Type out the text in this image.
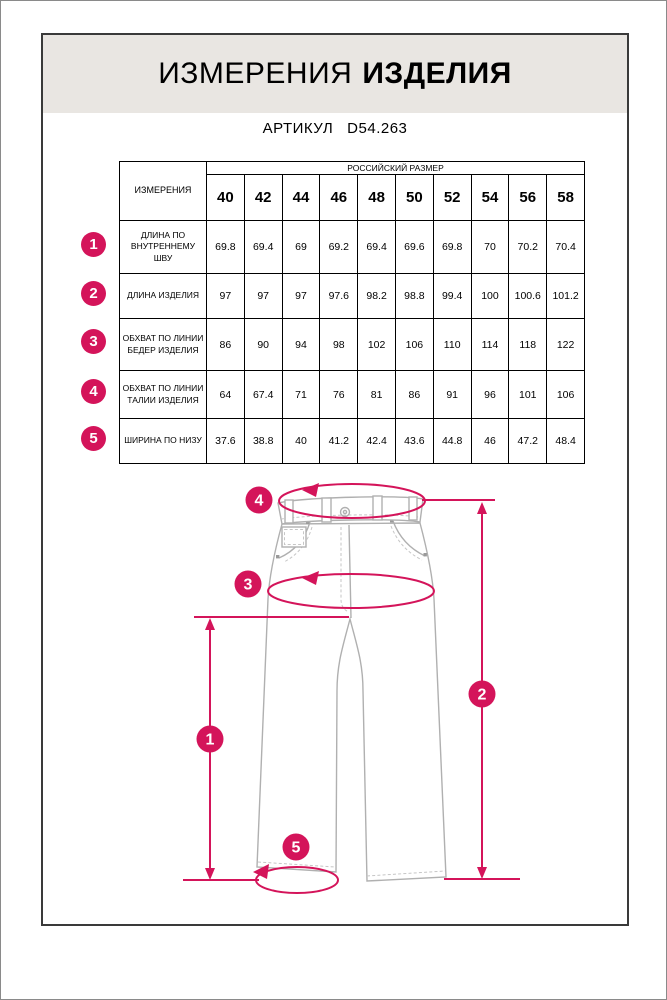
ИЗМЕРЕНИЯ ИЗДЕЛИЯ
АРТИКУЛ D54.263
ИЗМЕРЕНИЯ	РОССИЙСКИЙ РАЗМЕР									
	40	42	44	46	48	50	52	54	56	58
ДЛИНА ПО ВНУТРЕННЕМУ ШВУ	69.8	69.4	69	69.2	69.4	69.6	69.8	70	70.2	70.4
ДЛИНА ИЗДЕЛИЯ	97	97	97	97.6	98.2	98.8	99.4	100	100.6	101.2
ОБХВАТ ПО ЛИНИИ БЕДЕР ИЗДЕЛИЯ	86	90	94	98	102	106	110	114	118	122
ОБХВАТ ПО ЛИНИИ ТАЛИИ ИЗДЕЛИЯ	64	67.4	71	76	81	86	91	96	101	106
ШИРИНА ПО НИЗУ	37.6	38.8	40	41.2	42.4	43.6	44.8	46	47.2	48.4
1
2
3
4
5
4
3
1
2
5
